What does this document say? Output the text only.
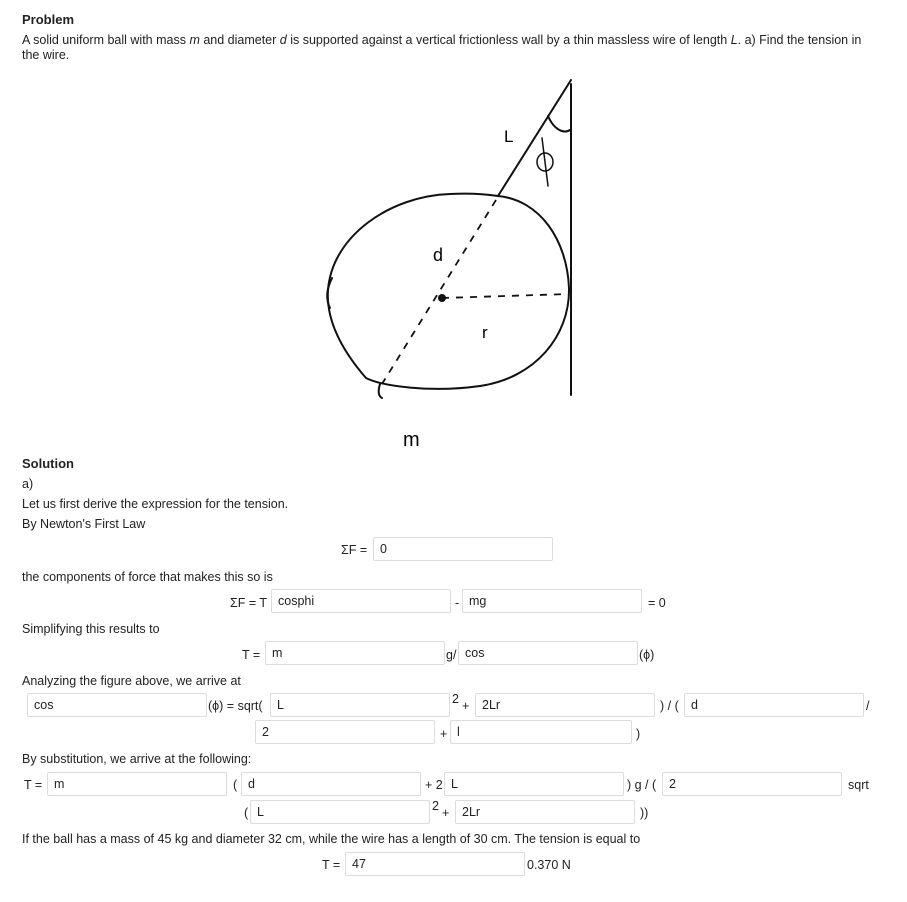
Problem
A solid uniform ball with mass m and diameter d is supported against a vertical frictionless wall by a thin massless wire of length L. a) Find the tension in the wire.
L
d
r
m
Solution
a)
Let us first derive the expression for the tension.
By Newton's First Law
ΣF =	0
the components of force that makes this so is
ΣF = T cosphi	- mg	= 0
Simplifying this results to
T = m	g/ cos	(ϕ)
Analyzing the figure above, we arrive at
cos	(ϕ) = sqrt(	L	2 +	2Lr	) / ( d	/
2	+ l	)
By substitution, we arrive at the following:
T = m	( d	+ 2 L	) g / (	2	sqrt
( L	2 +	2Lr	))
If the ball has a mass of 45 kg and diameter 32 cm, while the wire has a length of 30 cm. The tension is equal to
T = 47	0.370 N
